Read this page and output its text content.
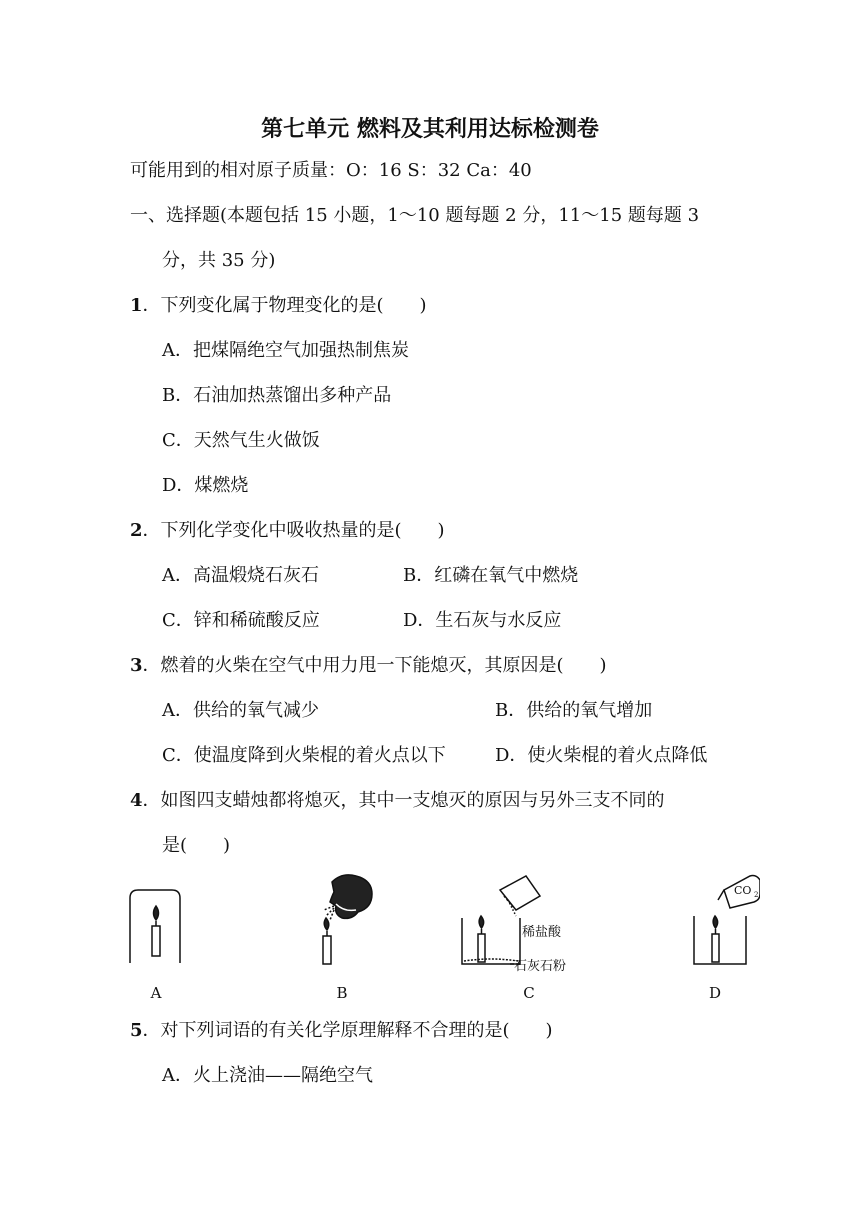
第七单元 燃料及其利用达标检测卷
可能用到的相对原子质量：O：16 S：32 Ca：40
一、选择题(本题包括 15 小题，1～10 题每题 2 分，11～15 题每题 3
分，共 35 分)
1．下列变化属于物理变化的是(　　)
A．把煤隔绝空气加强热制焦炭
B．石油加热蒸馏出多种产品
C．天然气生火做饭
D．煤燃烧
2．下列化学变化中吸收热量的是(　　)
A．高温煅烧石灰石	B．红磷在氧气中燃烧
C．锌和稀硫酸反应	D．生石灰与水反应
3．燃着的火柴在空气中用力甩一下能熄灭，其原因是(　　)
A．供给的氧气减少	B．供给的氧气增加
C．使温度降到火柴棍的着火点以下	D．使火柴棍的着火点降低
4．如图四支蜡烛都将熄灭，其中一支熄灭的原因与另外三支不同的
是(　　)
稀盐酸
石灰石粉
CO 2
A	B	C	D
5．对下列词语的有关化学原理解释不合理的是(　　)
A．火上浇油——隔绝空气
